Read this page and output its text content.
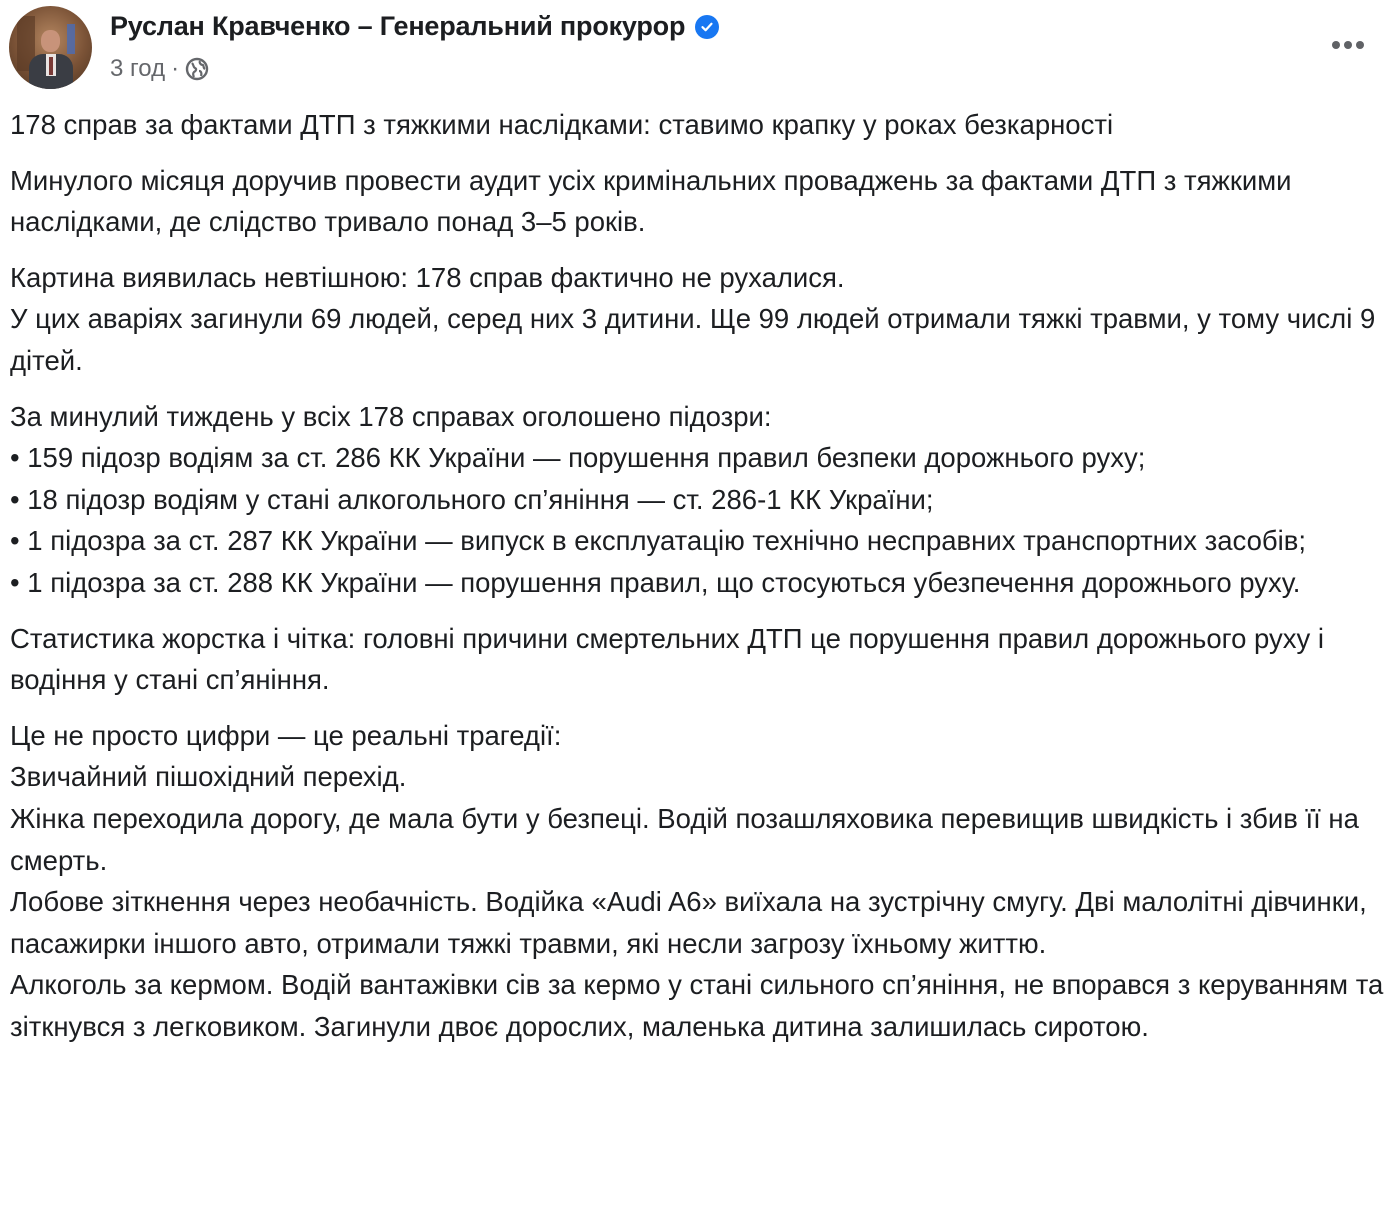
Руслан Кравченко – Генеральний прокурор
3 год ·

178 справ за фактами ДТП з тяжкими наслідками: ставимо крапку у роках безкарності

Минулого місяця доручив провести аудит усіх кримінальних проваджень за фактами ДТП з тяжкими наслідками, де слідство тривало понад 3–5 років.

Картина виявилась невтішною: 178 справ фактично не рухалися.
У цих аваріях загинули 69 людей, серед них 3 дитини. Ще 99 людей отримали тяжкі травми, у тому числі 9 дітей.

За минулий тиждень у всіх 178 справах оголошено підозри:
• 159 підозр водіям за ст. 286 КК України — порушення правил безпеки дорожнього руху;
• 18 підозр водіям у стані алкогольного сп’яніння — ст. 286-1 КК України;
• 1 підозра за ст. 287 КК України — випуск в експлуатацію технічно несправних транспортних засобів;
• 1 підозра за ст. 288 КК України — порушення правил, що стосуються убезпечення дорожнього руху.

Статистика жорстка і чітка: головні причини смертельних ДТП це порушення правил дорожнього руху і водіння у стані сп’яніння.

Це не просто цифри — це реальні трагедії:
Звичайний пішохідний перехід.
Жінка переходила дорогу, де мала бути у безпеці. Водій позашляховика перевищив швидкість і збив її на смерть.
Лобове зіткнення через необачність. Водійка «Audi A6» виїхала на зустрічну смугу. Дві малолітні дівчинки, пасажирки іншого авто, отримали тяжкі травми, які несли загрозу їхньому життю.
Алкоголь за кермом. Водій вантажівки сів за кермо у стані сильного сп’яніння, не впорався з керуванням та зіткнувся з легковиком. Загинули двоє дорослих, маленька дитина залишилась сиротою.
